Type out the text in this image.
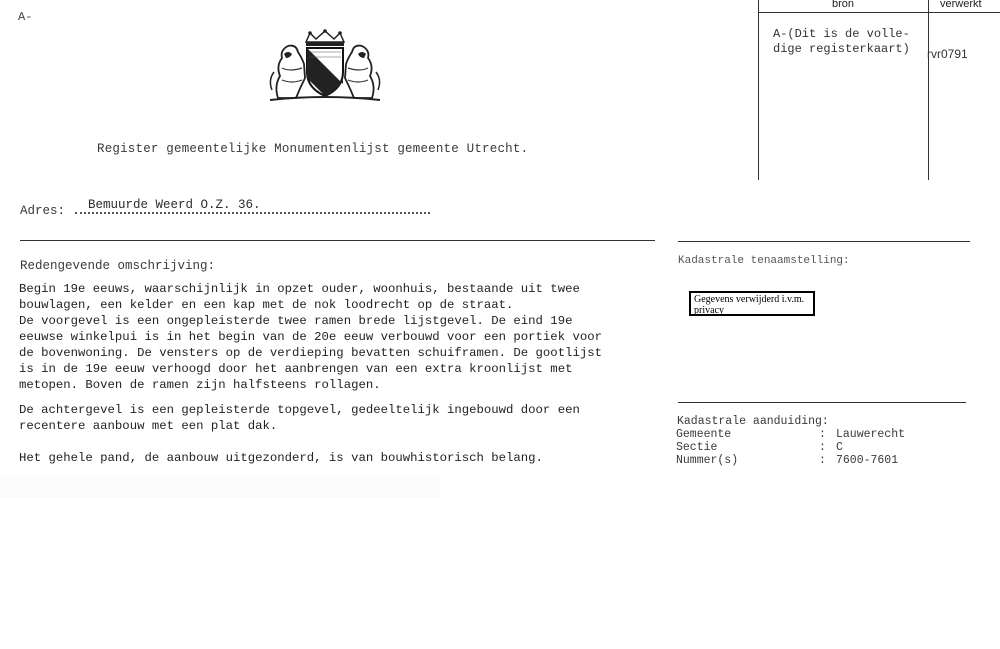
A-
Register gemeentelijke Monumentenlijst gemeente Utrecht.
Adres: Bemuurde Weerd O.Z. 36.
Redengevende omschrijving:
Begin 19e eeuws, waarschijnlijk in opzet ouder, woonhuis, bestaande uit twee
bouwlagen, een kelder en een kap met de nok loodrecht op de straat.
De voorgevel is een ongepleisterde twee ramen brede lijstgevel. De eind 19e
eeuwse winkelpui is in het begin van de 20e eeuw verbouwd voor een portiek voor
de bovenwoning. De vensters op de verdieping bevatten schuiframen. De gootlijst
is in de 19e eeuw verhoogd door het aanbrengen van een extra kroonlijst met
metopen. Boven de ramen zijn halfsteens rollagen.
De achtergevel is een gepleisterde topgevel, gedeeltelijk ingebouwd door een
recentere aanbouw met een plat dak.
Het gehele pand, de aanbouw uitgezonderd, is van bouwhistorisch belang.
Kadastrale tenaamstelling:
Gegevens verwijderd i.v.m. privacy
Kadastrale aanduiding:
Gemeente	: Lauwerecht
Sectie	: C
Nummer(s)	: 7600-7601
bron	verwerkt
A-(Dit is de volle-
dige registerkaart) rvr0791
